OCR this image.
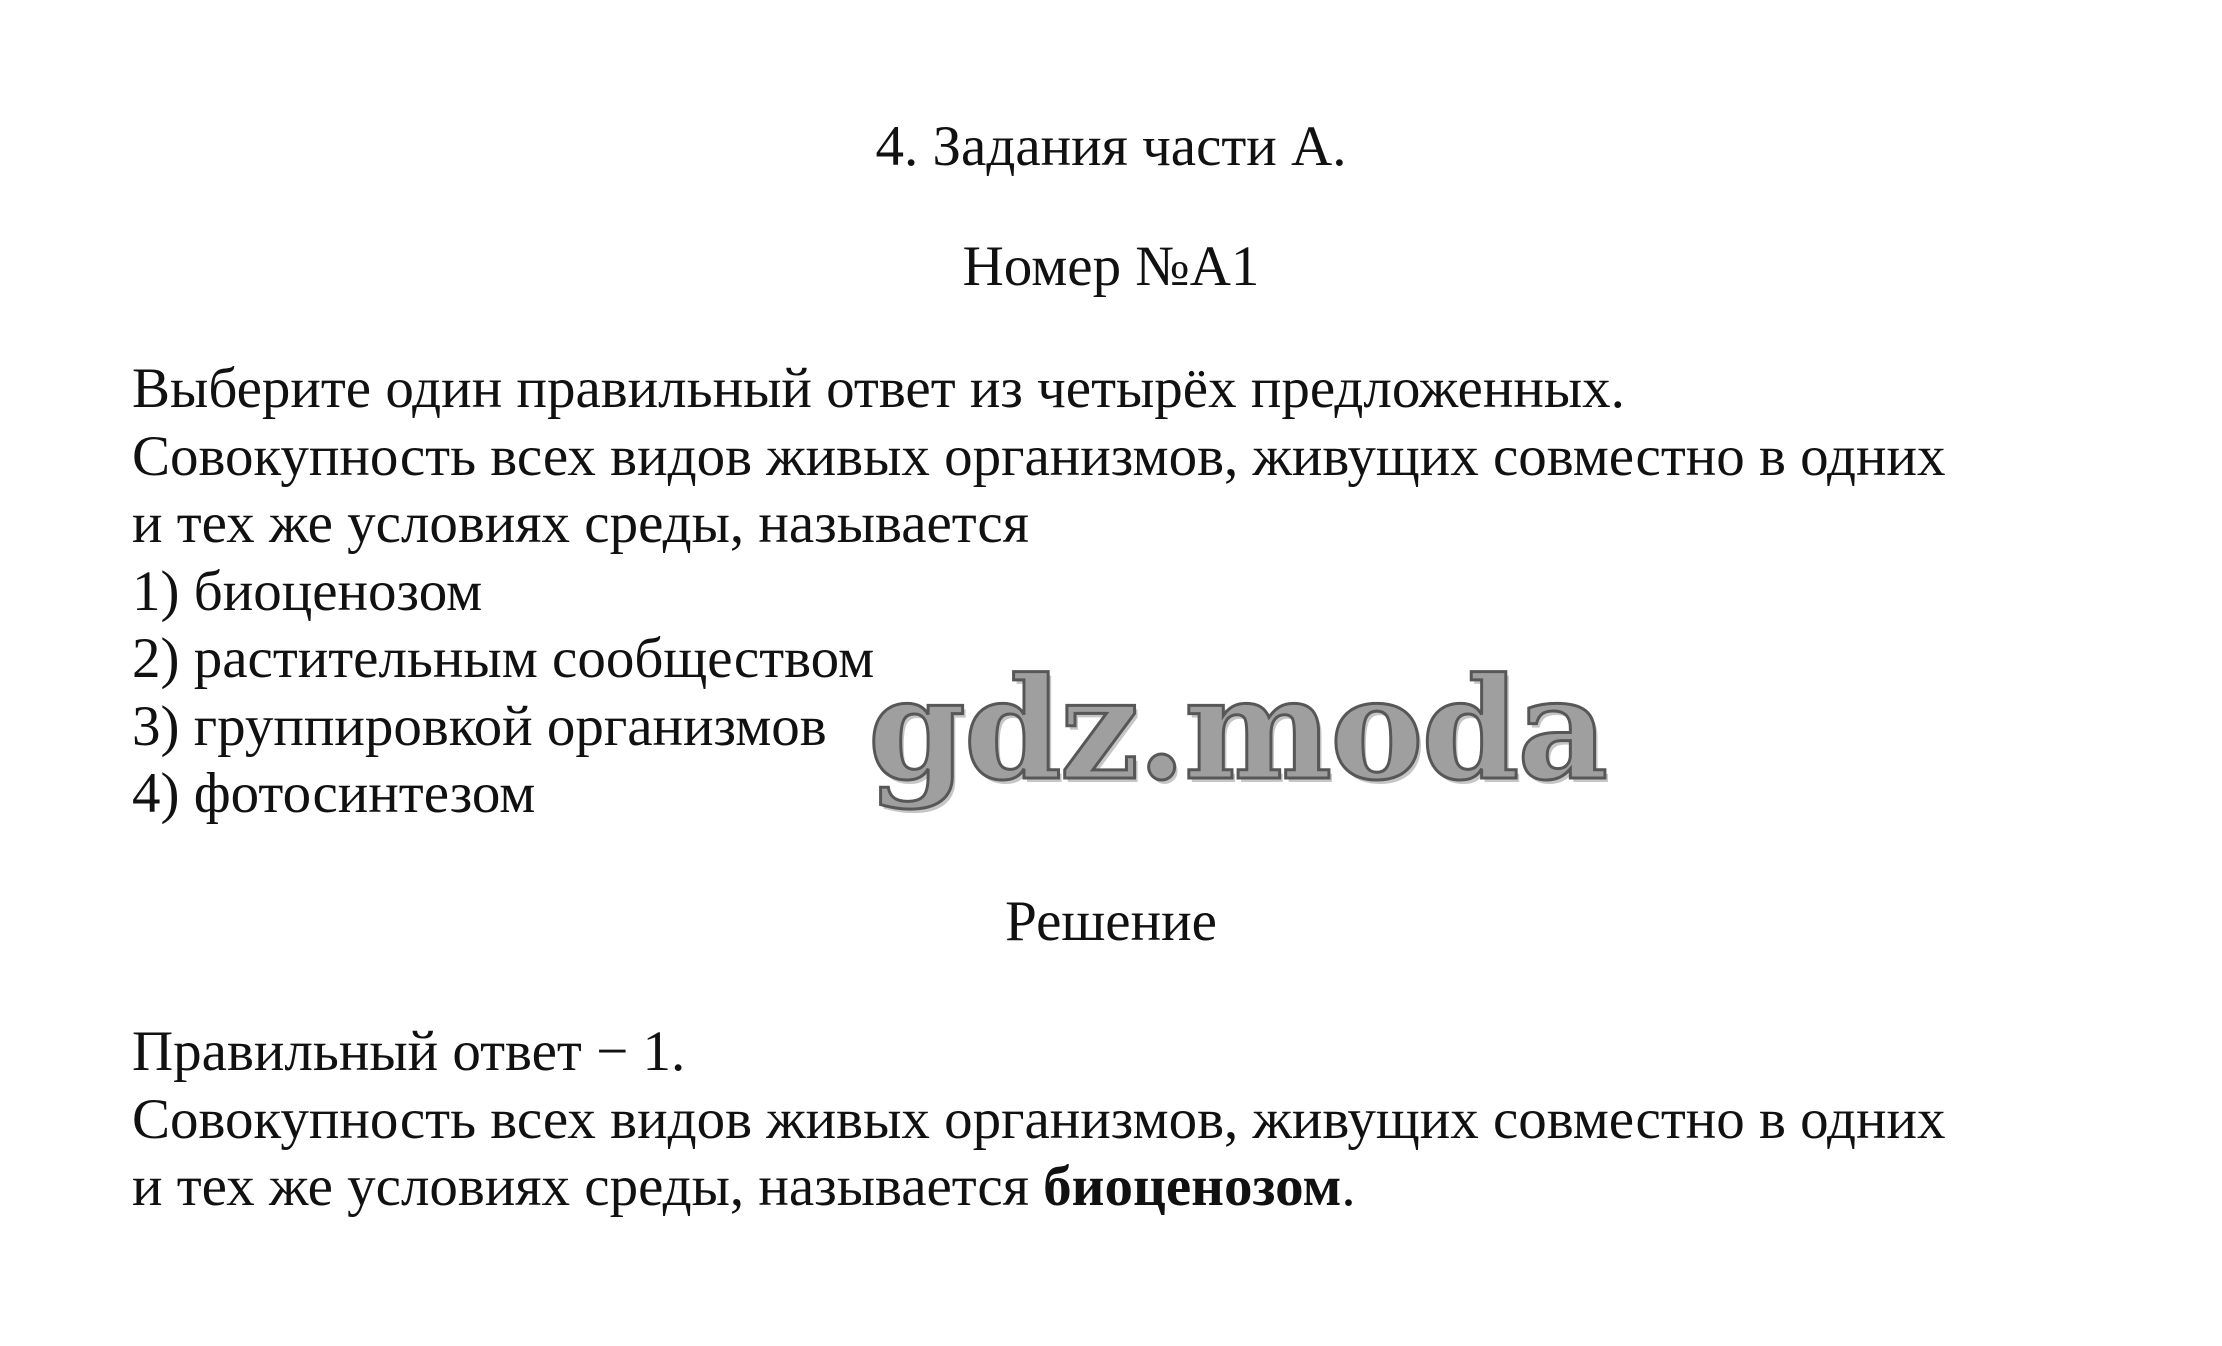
4. Задания части А.
Номер №А1
Выберите один правильный ответ из четырёх предложенных.
Совокупность всех видов живых организмов, живущих совместно в одних
и тех же условиях среды, называется
1) биоценозом
2) растительным сообществом
3) группировкой организмов
4) фотосинтезом
Решение
Правильный ответ − 1.
Совокупность всех видов живых организмов, живущих совместно в одних
и тех же условиях среды, называется биоценозом.
gdz.moda
